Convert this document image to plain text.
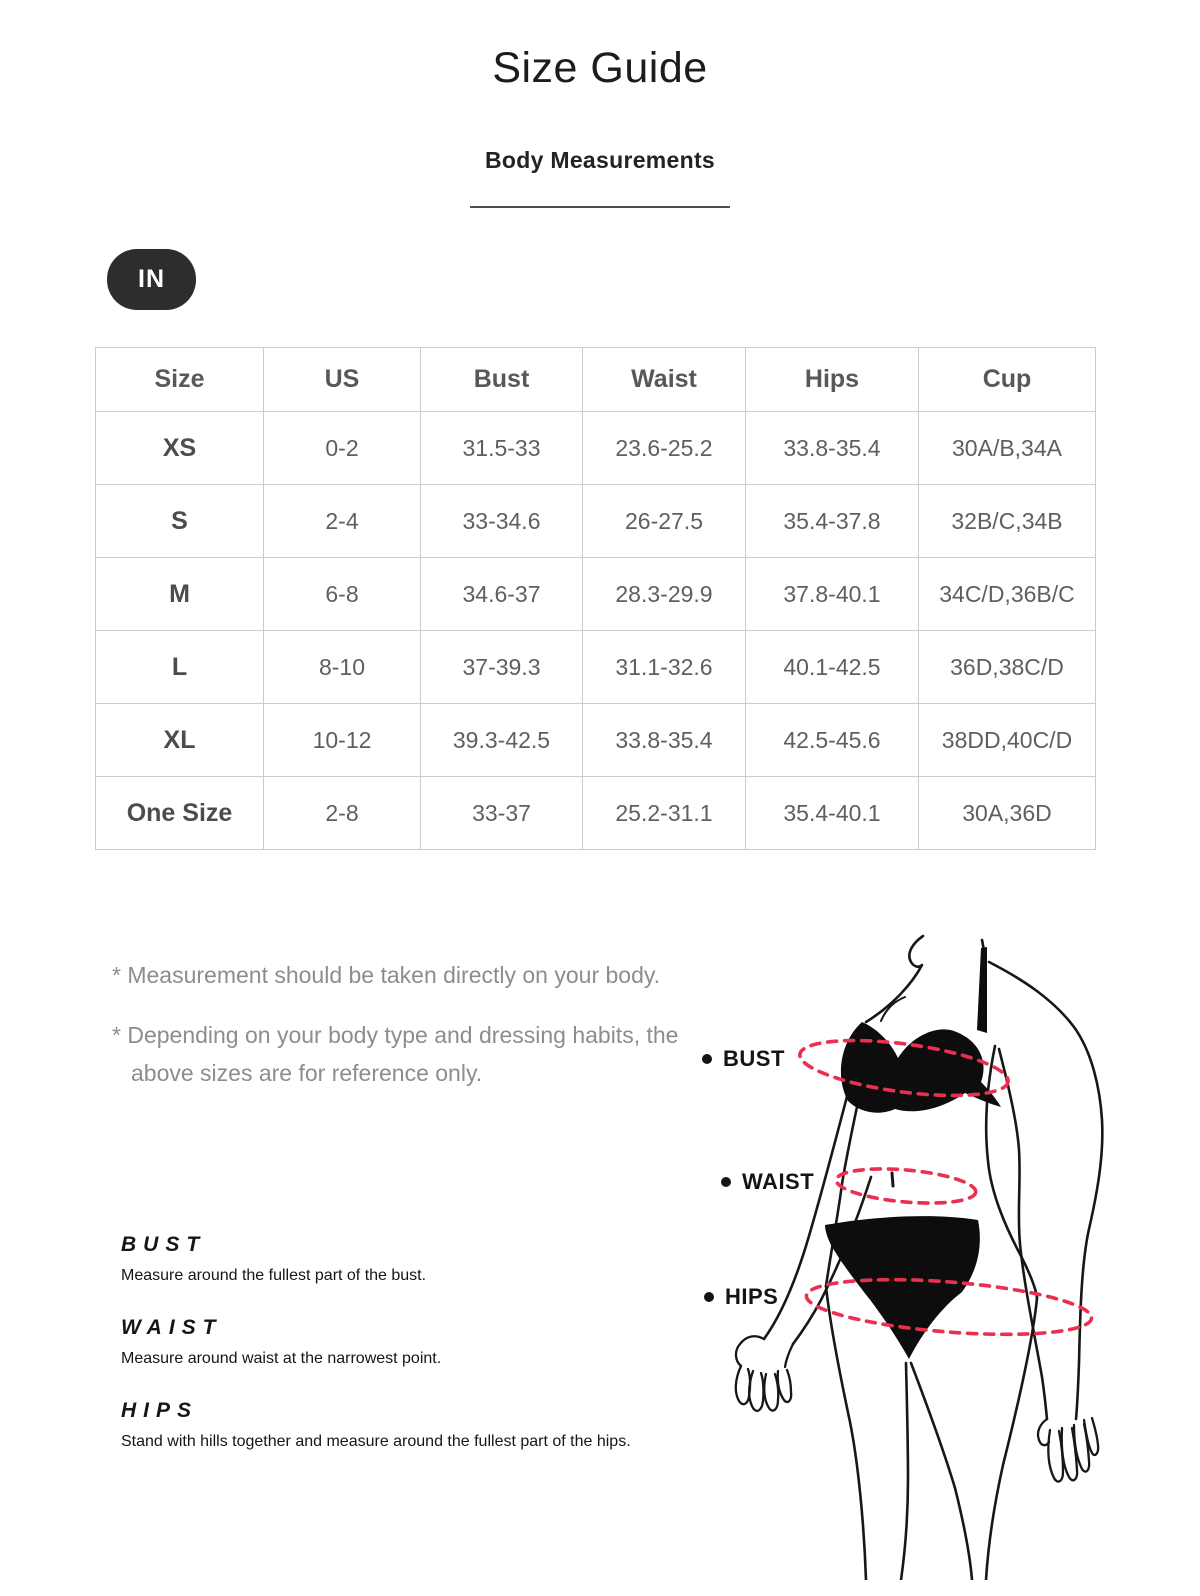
Size Guide
Body Measurements
IN
Size	US	Bust	Waist	Hips	Cup
XS	0-2	31.5-33	23.6-25.2	33.8-35.4	30A/B,34A
S	2-4	33-34.6	26-27.5	35.4-37.8	32B/C,34B
M	6-8	34.6-37	28.3-29.9	37.8-40.1	34C/D,36B/C
L	8-10	37-39.3	31.1-32.6	40.1-42.5	36D,38C/D
XL	10-12	39.3-42.5	33.8-35.4	42.5-45.6	38DD,40C/D
One Size	2-8	33-37	25.2-31.1	35.4-40.1	30A,36D
* Measurement should be taken directly on your body.
* Depending on your body type and dressing habits, the above sizes are for reference only.
BUST
Measure around the fullest part of the bust.
WAIST
Measure around waist at the narrowest point.
HIPS
Stand with hills together and measure around the fullest part of the hips.
BUST
WAIST
HIPS
